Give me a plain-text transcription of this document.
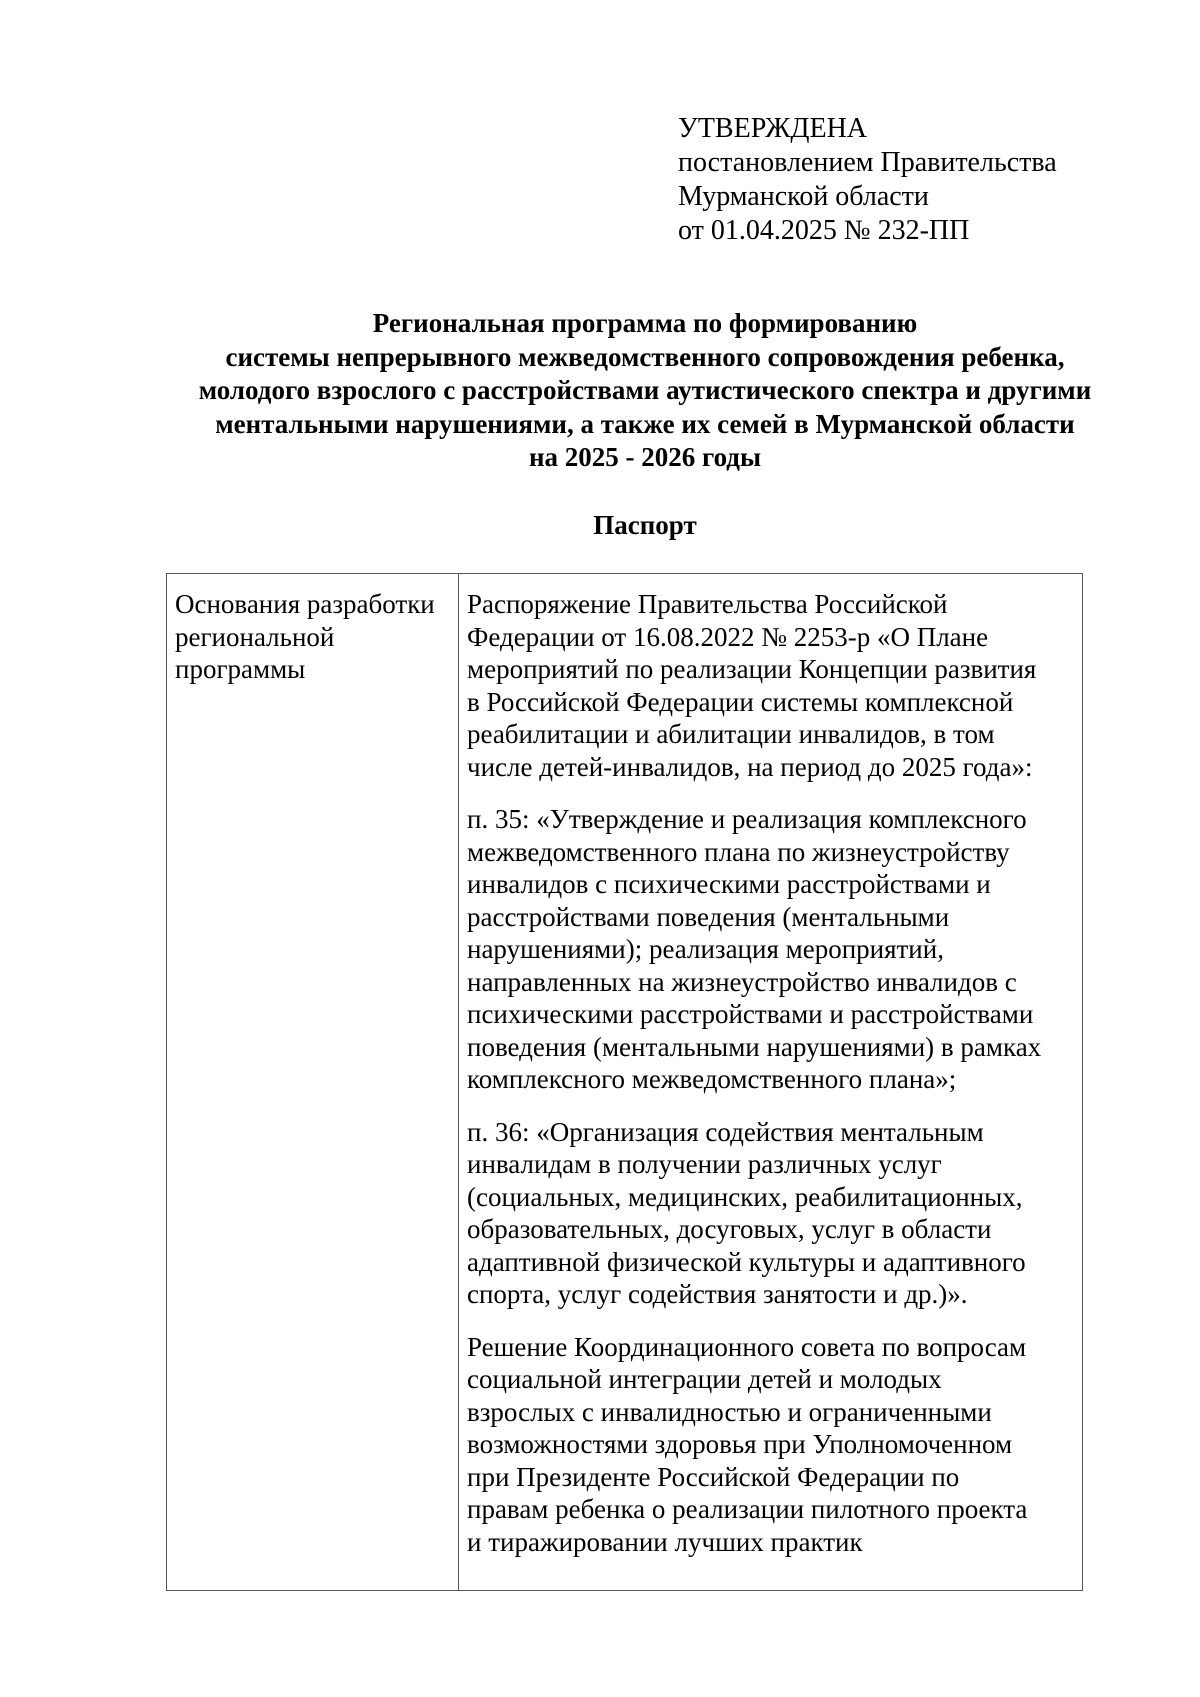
УТВЕРЖДЕНА
постановлением Правительства
Мурманской области
от 01.04.2025 № 232-ПП
Региональная программа по формированию
системы непрерывного межведомственного сопровождения ребенка,
молодого взрослого с расстройствами аутистического спектра и другими
ментальными нарушениями, а также их семей в Мурманской области
на 2025 - 2026 годы
Паспорт
Основания разработки
региональной
программы
Распоряжение Правительства Российской
Федерации от 16.08.2022 № 2253-р «О Плане
мероприятий по реализации Концепции развития
в Российской Федерации системы комплексной
реабилитации и абилитации инвалидов, в том
числе детей-инвалидов, на период до 2025 года»:
п. 35: «Утверждение и реализация комплексного
межведомственного плана по жизнеустройству
инвалидов с психическими расстройствами и
расстройствами поведения (ментальными
нарушениями); реализация мероприятий,
направленных на жизнеустройство инвалидов с
психическими расстройствами и расстройствами
поведения (ментальными нарушениями) в рамках
комплексного межведомственного плана»;
п. 36: «Организация содействия ментальным
инвалидам в получении различных услуг
(социальных, медицинских, реабилитационных,
образовательных, досуговых, услуг в области
адаптивной физической культуры и адаптивного
спорта, услуг содействия занятости и др.)».
Решение Координационного совета по вопросам
социальной интеграции детей и молодых
взрослых с инвалидностью и ограниченными
возможностями здоровья при Уполномоченном
при Президенте Российской Федерации по
правам ребенка о реализации пилотного проекта
и тиражировании лучших практик
